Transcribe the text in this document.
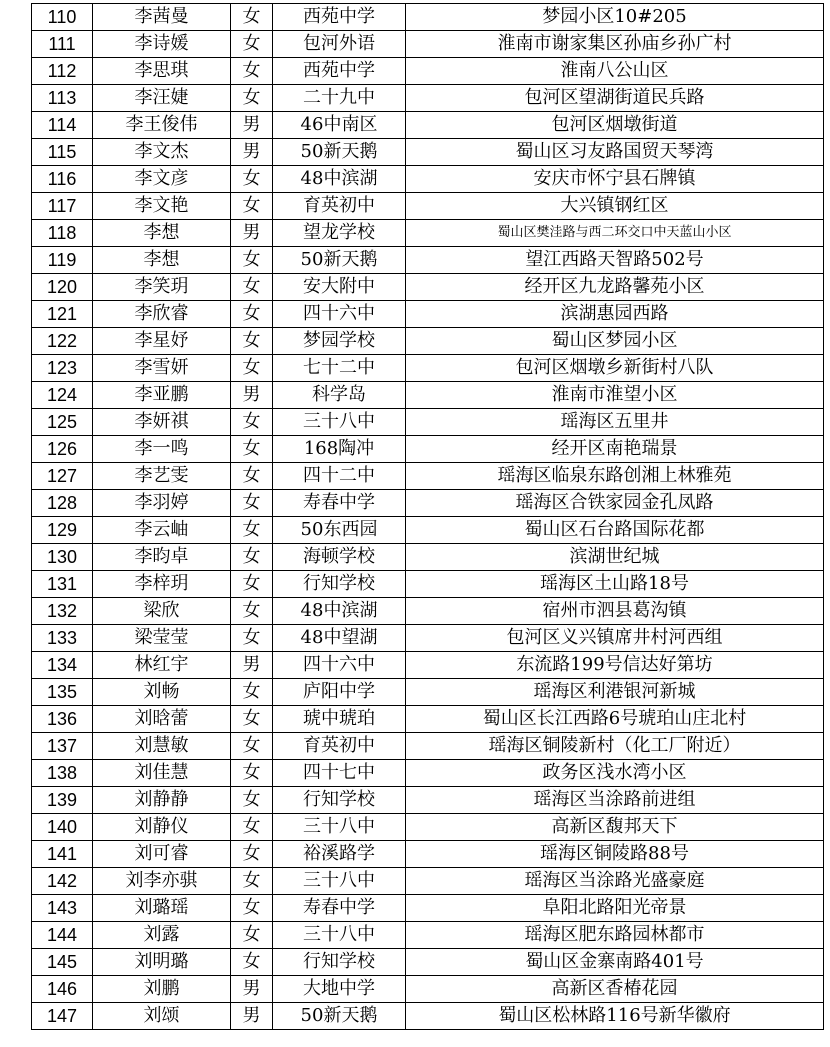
110	李茜曼	女	西苑中学	梦园小区10#205
111	李诗媛	女	包河外语	淮南市谢家集区孙庙乡孙广村
112	李思琪	女	西苑中学	淮南八公山区
113	李汪婕	女	二十九中	包河区望湖街道民兵路
114	李王俊伟	男	46中南区	包河区烟墩街道
115	李文杰	男	50新天鹅	蜀山区习友路国贸天琴湾
116	李文彦	女	48中滨湖	安庆市怀宁县石牌镇
117	李文艳	女	育英初中	大兴镇钢红区
118	李想	男	望龙学校	蜀山区樊洼路与西二环交口中天蓝山小区
119	李想	女	50新天鹅	望江西路天智路502号
120	李笑玥	女	安大附中	经开区九龙路馨苑小区
121	李欣睿	女	四十六中	滨湖惠园西路
122	李星妤	女	梦园学校	蜀山区梦园小区
123	李雪妍	女	七十二中	包河区烟墩乡新街村八队
124	李亚鹏	男	科学岛	淮南市淮望小区
125	李妍祺	女	三十八中	瑶海区五里井
126	李一鸣	女	168陶冲	经开区南艳瑞景
127	李艺雯	女	四十二中	瑶海区临泉东路创湘上林雅苑
128	李羽婷	女	寿春中学	瑶海区合铁家园金孔凤路
129	李云岫	女	50东西园	蜀山区石台路国际花都
130	李昀卓	女	海顿学校	滨湖世纪城
131	李梓玥	女	行知学校	瑶海区土山路18号
132	梁欣	女	48中滨湖	宿州市泗县葛沟镇
133	梁莹莹	女	48中望湖	包河区义兴镇席井村河西组
134	林红宇	男	四十六中	东流路199号信达好第坊
135	刘畅	女	庐阳中学	瑶海区利港银河新城
136	刘晗蕾	女	琥中琥珀	蜀山区长江西路6号琥珀山庄北村
137	刘慧敏	女	育英初中	瑶海区铜陵新村（化工厂附近）
138	刘佳慧	女	四十七中	政务区浅水湾小区
139	刘静静	女	行知学校	瑶海区当涂路前进组
140	刘静仪	女	三十八中	高新区馥邦天下
141	刘可睿	女	裕溪路学	瑶海区铜陵路88号
142	刘李亦骐	女	三十八中	瑶海区当涂路光盛豪庭
143	刘璐瑶	女	寿春中学	阜阳北路阳光帝景
144	刘露	女	三十八中	瑶海区肥东路园林都市
145	刘明璐	女	行知学校	蜀山区金寨南路401号
146	刘鹏	男	大地中学	高新区香椿花园
147	刘颂	男	50新天鹅	蜀山区松林路116号新华徽府
